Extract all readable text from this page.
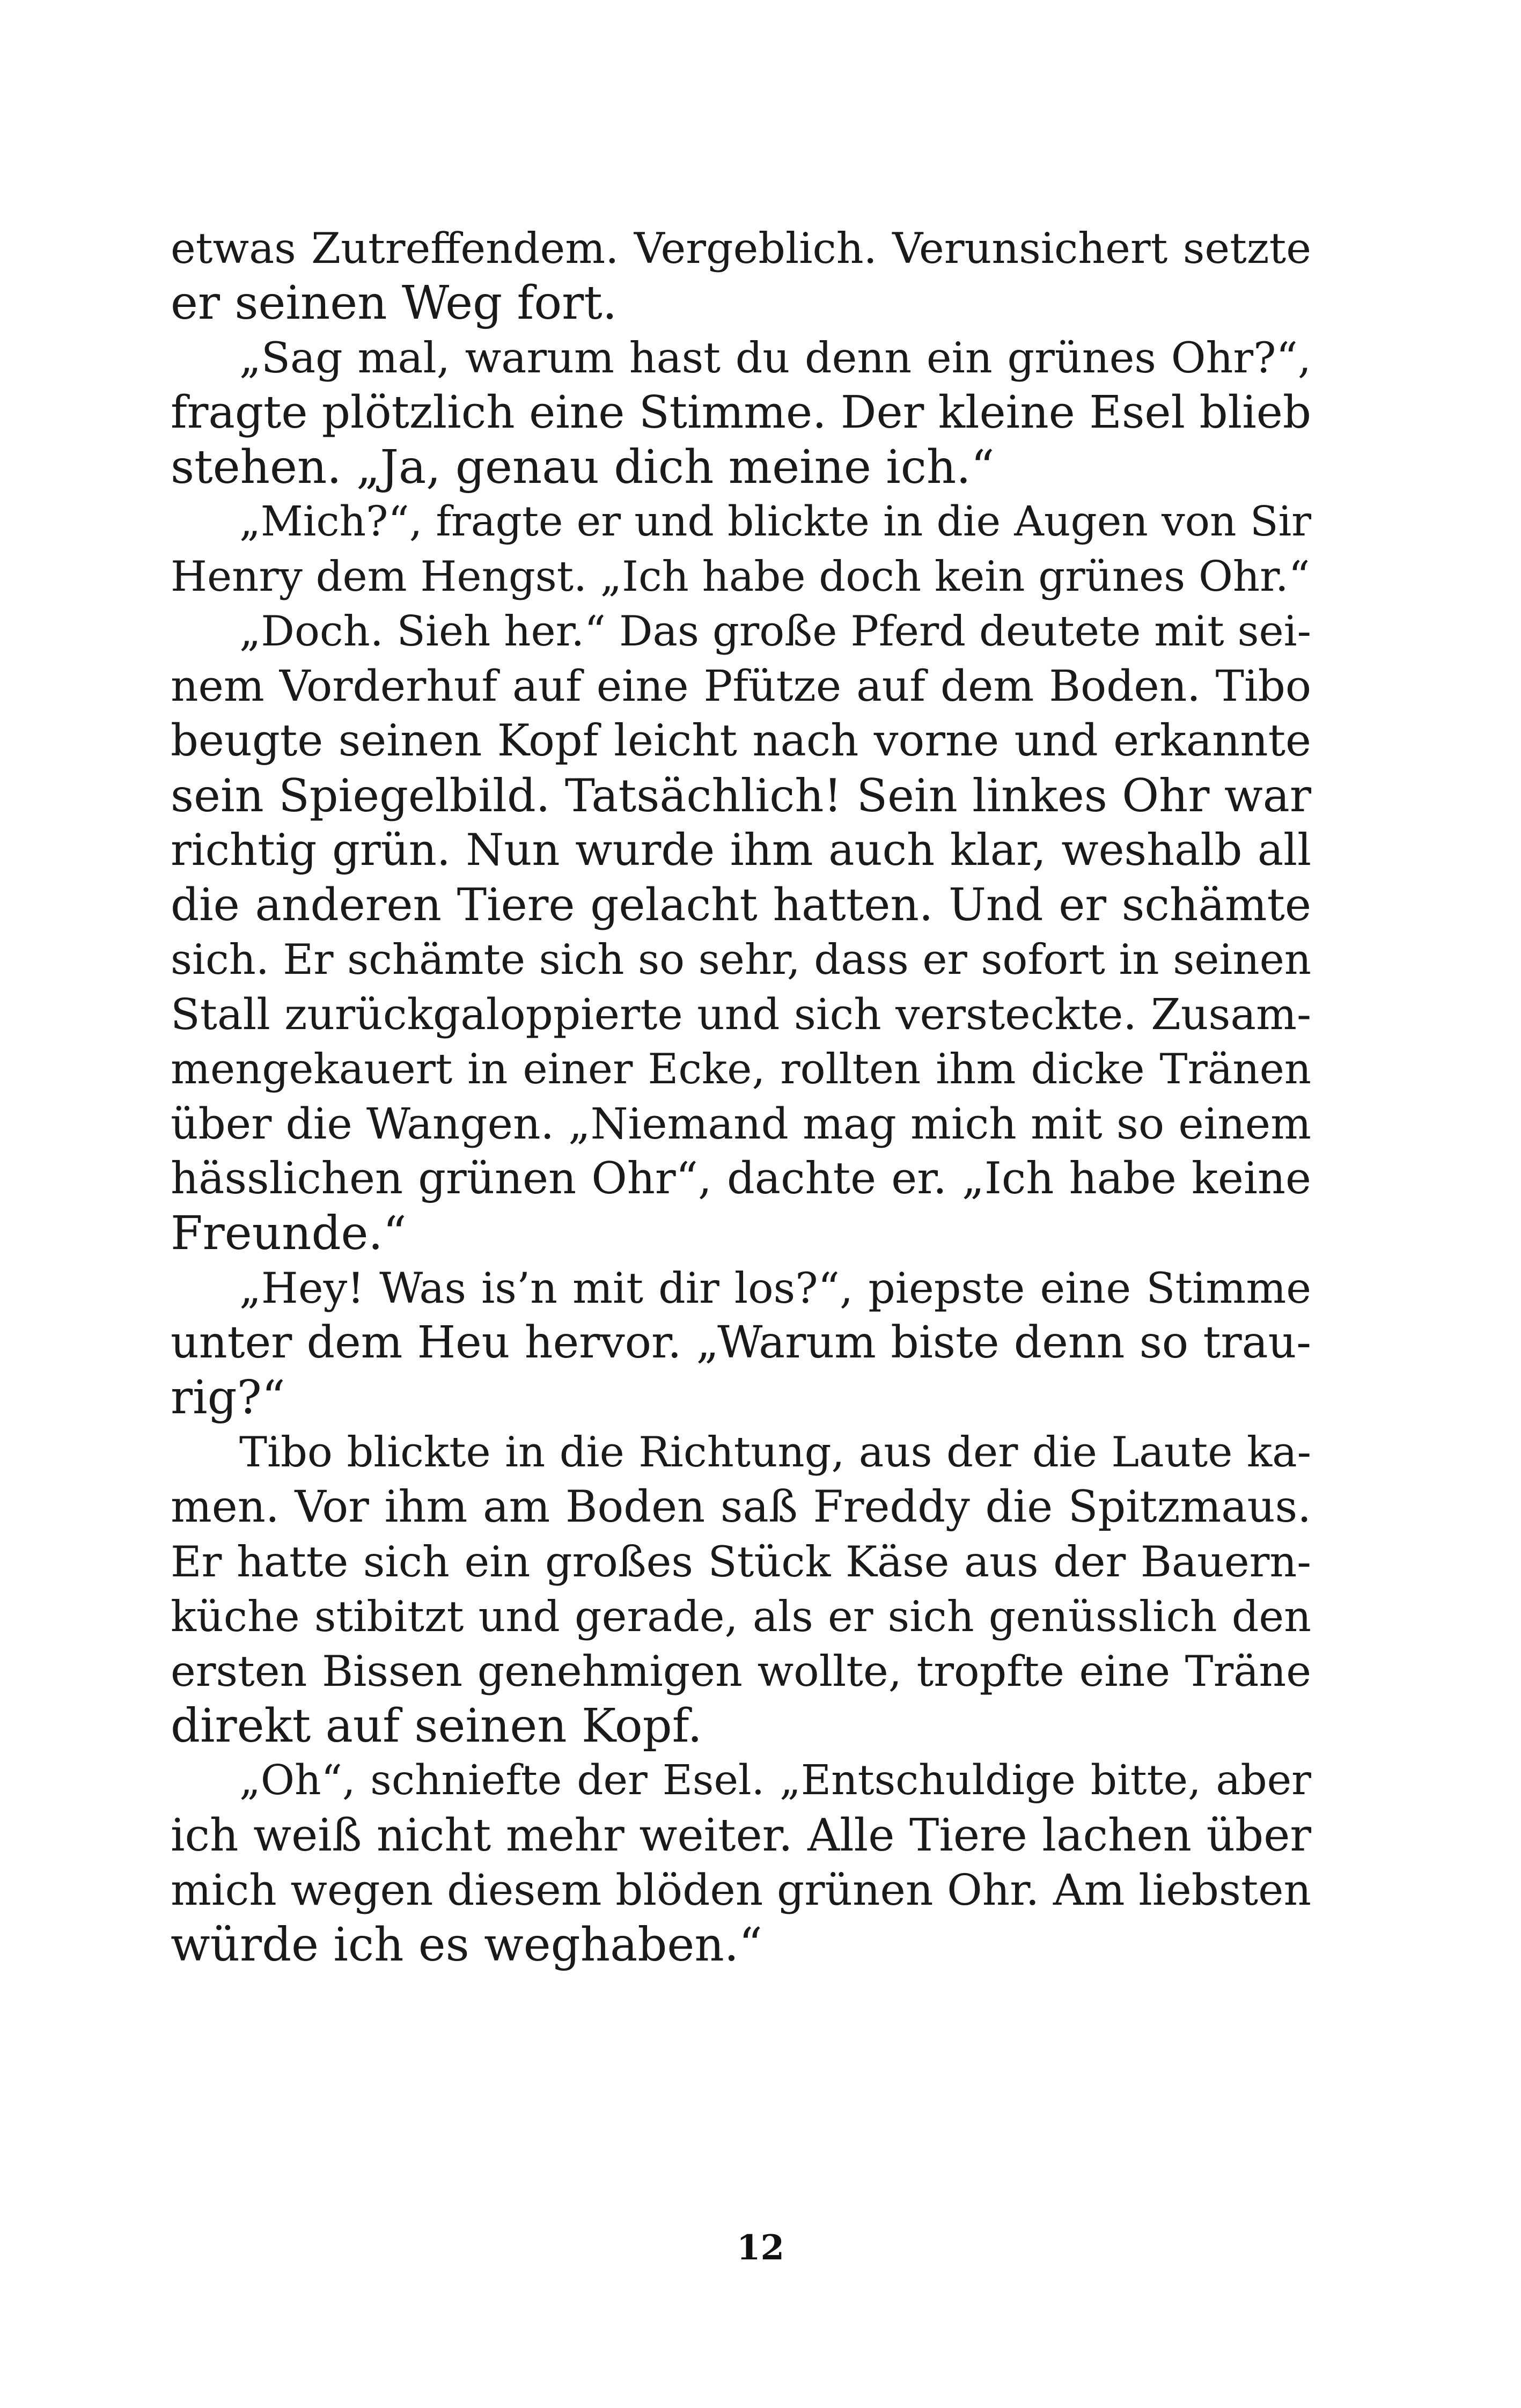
etwas Zutreffendem. Vergeblich. Verunsichert setzte
er seinen Weg fort.
„Sag mal, warum hast du denn ein grünes Ohr?“,
fragte plötzlich eine Stimme. Der kleine Esel blieb
stehen. „Ja, genau dich meine ich.“
„Mich?“, fragte er und blickte in die Augen von Sir
Henry dem Hengst. „Ich habe doch kein grünes Ohr.“
„Doch. Sieh her.“ Das große Pferd deutete mit sei-
nem Vorderhuf auf eine Pfütze auf dem Boden. Tibo
beugte seinen Kopf leicht nach vorne und erkannte
sein Spiegelbild. Tatsächlich! Sein linkes Ohr war
richtig grün. Nun wurde ihm auch klar, weshalb all
die anderen Tiere gelacht hatten. Und er schämte
sich. Er schämte sich so sehr, dass er sofort in seinen
Stall zurückgaloppierte und sich versteckte. Zusam-
mengekauert in einer Ecke, rollten ihm dicke Tränen
über die Wangen. „Niemand mag mich mit so einem
hässlichen grünen Ohr“, dachte er. „Ich habe keine
Freunde.“
„Hey! Was is’n mit dir los?“, piepste eine Stimme
unter dem Heu hervor. „Warum biste denn so trau-
rig?“
Tibo blickte in die Richtung, aus der die Laute ka-
men. Vor ihm am Boden saß Freddy die Spitzmaus.
Er hatte sich ein großes Stück Käse aus der Bauern-
küche stibitzt und gerade, als er sich genüsslich den
ersten Bissen genehmigen wollte, tropfte eine Träne
direkt auf seinen Kopf.
„Oh“, schniefte der Esel. „Entschuldige bitte, aber
ich weiß nicht mehr weiter. Alle Tiere lachen über
mich wegen diesem blöden grünen Ohr. Am liebsten
würde ich es weghaben.“
12
